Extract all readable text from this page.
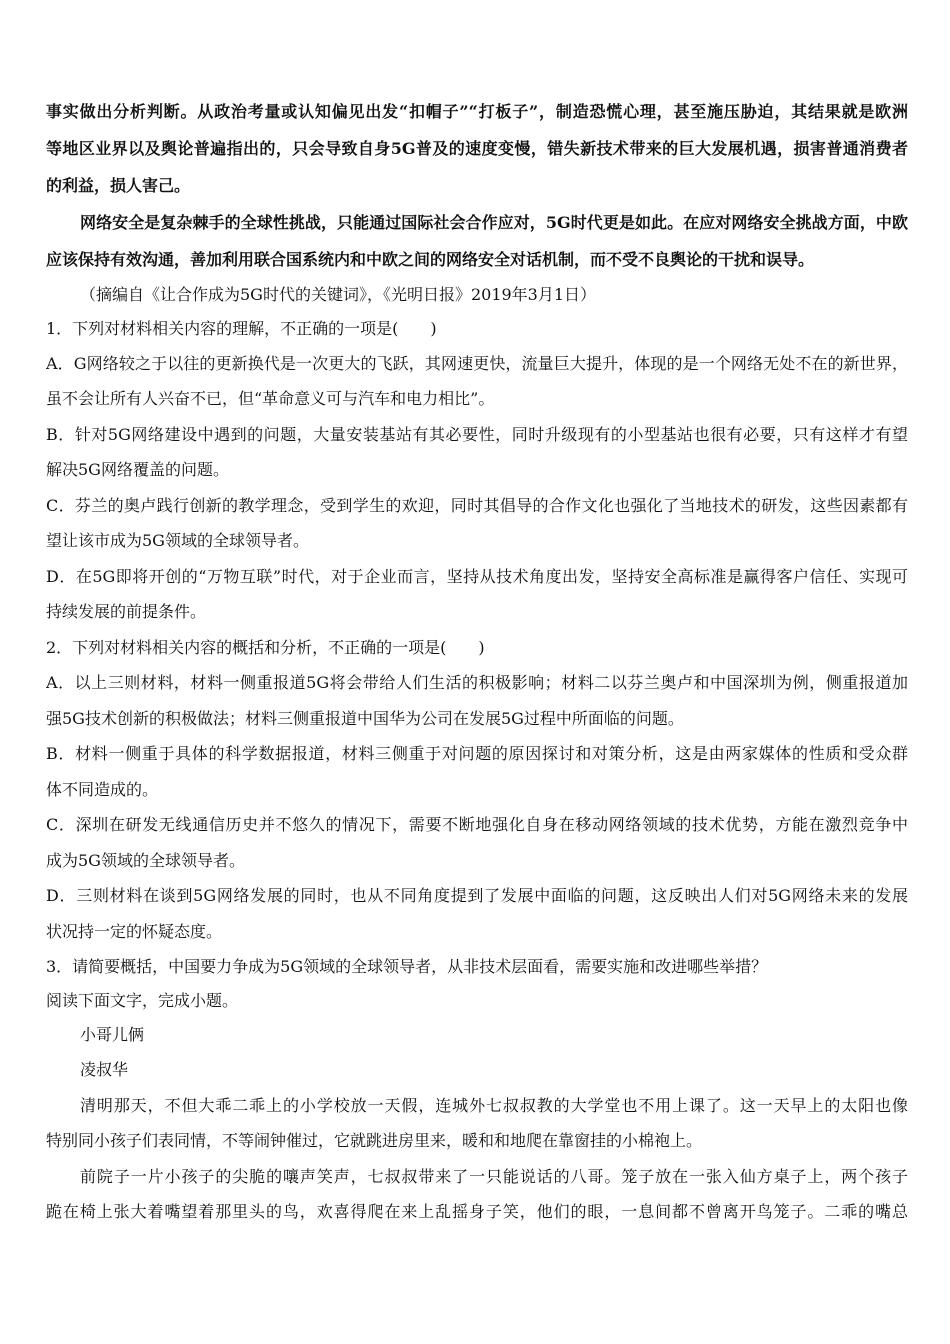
事实做出分析判断。从政治考量或认知偏见出发“扣帽子”“打板子”，制造恐慌心理，甚至施压胁迫，其结果就是欧洲
等地区业界以及舆论普遍指出的，只会导致自身5G普及的速度变慢，错失新技术带来的巨大发展机遇，损害普通消费者
的利益，损人害己。
网络安全是复杂棘手的全球性挑战，只能通过国际社会合作应对，5G时代更是如此。在应对网络安全挑战方面，中欧
应该保持有效沟通，善加利用联合国系统内和中欧之间的网络安全对话机制，而不受不良舆论的干扰和误导。
（摘编自《让合作成为5G时代的关键词》，《光明日报》2019年3月1日）
1．下列对材料相关内容的理解，不正确的一项是(　　)
A．G网络较之于以往的更新换代是一次更大的飞跃，其网速更快，流量巨大提升，体现的是一个网络无处不在的新世界，
虽不会让所有人兴奋不已，但“革命意义可与汽车和电力相比”。
B．针对5G网络建设中遇到的问题，大量安装基站有其必要性，同时升级现有的小型基站也很有必要，只有这样才有望
解决5G网络覆盖的问题。
C．芬兰的奥卢践行创新的教学理念，受到学生的欢迎，同时其倡导的合作文化也强化了当地技术的研发，这些因素都有
望让该市成为5G领域的全球领导者。
D．在5G即将开创的“万物互联”时代，对于企业而言，坚持从技术角度出发，坚持安全高标准是赢得客户信任、实现可
持续发展的前提条件。
2．下列对材料相关内容的概括和分析，不正确的一项是(　　)
A．以上三则材料，材料一侧重报道5G将会带给人们生活的积极影响；材料二以芬兰奥卢和中国深圳为例，侧重报道加
强5G技术创新的积极做法；材料三侧重报道中国华为公司在发展5G过程中所面临的问题。
B．材料一侧重于具体的科学数据报道，材料三侧重于对问题的原因探讨和对策分析，这是由两家媒体的性质和受众群
体不同造成的。
C．深圳在研发无线通信历史并不悠久的情况下，需要不断地强化自身在移动网络领域的技术优势，方能在激烈竞争中
成为5G领域的全球领导者。
D．三则材料在谈到5G网络发展的同时，也从不同角度提到了发展中面临的问题，这反映出人们对5G网络未来的发展
状况持一定的怀疑态度。
3．请简要概括，中国要力争成为5G领域的全球领导者，从非技术层面看，需要实施和改进哪些举措？
阅读下面文字，完成小题。
小哥儿俩
凌叔华
清明那天，不但大乖二乖上的小学校放一天假，连城外七叔叔教的大学堂也不用上课了。这一天早上的太阳也像
特别同小孩子们表同情，不等闹钟催过，它就跳进房里来，暖和和地爬在靠窗挂的小棉袍上。
前院子一片小孩子的尖脆的嚷声笑声，七叔叔带来了一只能说话的八哥。笼子放在一张入仙方桌子上，两个孩子
跪在椅上张大着嘴望着那里头的鸟，欢喜得爬在来上乱摇身子笑，他们的眼，一息间都不曾离开鸟笼子。二乖的嘴总
